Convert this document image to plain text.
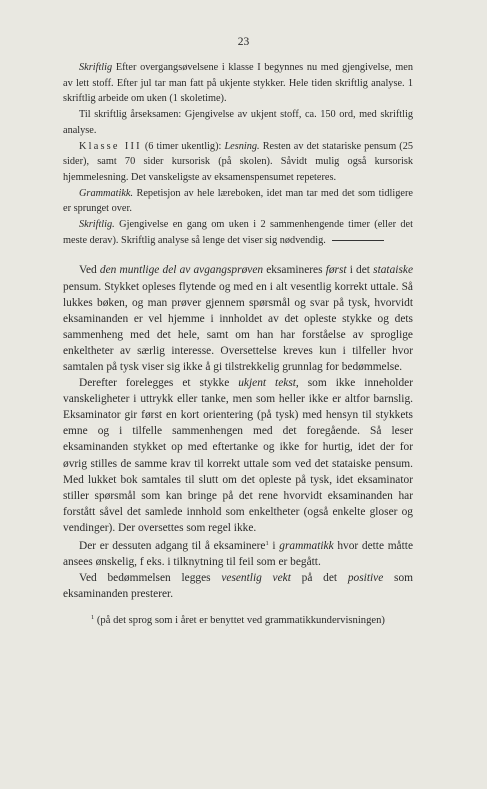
23

Skriftlig Efter overgangsøvelsene i klasse I begynnes nu med gjengivelse, men av lett stoff. Efter jul tar man fatt på ukjente stykker. Hele tiden skriftlig analyse. 1 skriftlig arbeide om uken (1 skoletime).

Til skriftlig årseksamen: Gjengivelse av ukjent stoff, ca. 150 ord, med skriftlig analyse.

Klasse III (6 timer ukentlig): Lesning. Resten av det statariske pensum (25 sider), samt 70 sider kursorisk (på skolen). Såvidt mulig også kursorisk hjemmelesning. Det vanskeligste av eksamenspensumet repeteres.

Grammatikk. Repetisjon av hele læreboken, idet man tar med det som tidligere er sprunget over.

Skriftlig. Gjengivelse en gang om uken i 2 sammenhengende timer (eller det meste derav). Skriftlig analyse så lenge det viser sig nødvendig.

Ved den muntlige del av avgangsprøven eksamineres først i det stataiske pensum. Stykket opleses flytende og med en i alt vesentlig korrekt uttale. Så lukkes bøken, og man prøver gjennem spørsmål og svar på tysk, hvorvidt eksaminanden er vel hjemme i innholdet av det opleste stykke og dets sammenheng med det hele, samt om han har forståelse av sproglige enkeltheter av særlig interesse. Oversettelse kreves kun i tilfeller hvor samtalen på tysk viser sig ikke å gi tilstrekkelig grunnlag for bedømmelse.

Derefter forelegges et stykke ukjent tekst, som ikke inneholder vanskeligheter i uttrykk eller tanke, men som heller ikke er altfor barnslig. Eksaminator gir først en kort orientering (på tysk) med hensyn til stykkets emne og i tilfelle sammenhengen med det foregående. Så leser eksaminanden stykket op med eftertanke og ikke for hurtig, idet der for øvrig stilles de samme krav til korrekt uttale som ved det stataiske pensum. Med lukket bok samtales til slutt om det opleste på tysk, idet eksaminator stiller spørsmål som kan bringe på det rene hvorvidt eksaminanden har forstått såvel det samlede innhold som enkeltheter (også enkelte gloser og vendinger). Der oversettes som regel ikke.

Der er dessuten adgang til å eksaminere$^1$ i grammatikk hvor dette måtte ansees ønskelig, f eks. i tilknytning til feil som er begått.

Ved bedømmelsen legges vesentlig vekt på det positive som eksaminanden presterer.

$^1$ (på det sprog som i året er benyttet ved grammatikkundervisningen)
